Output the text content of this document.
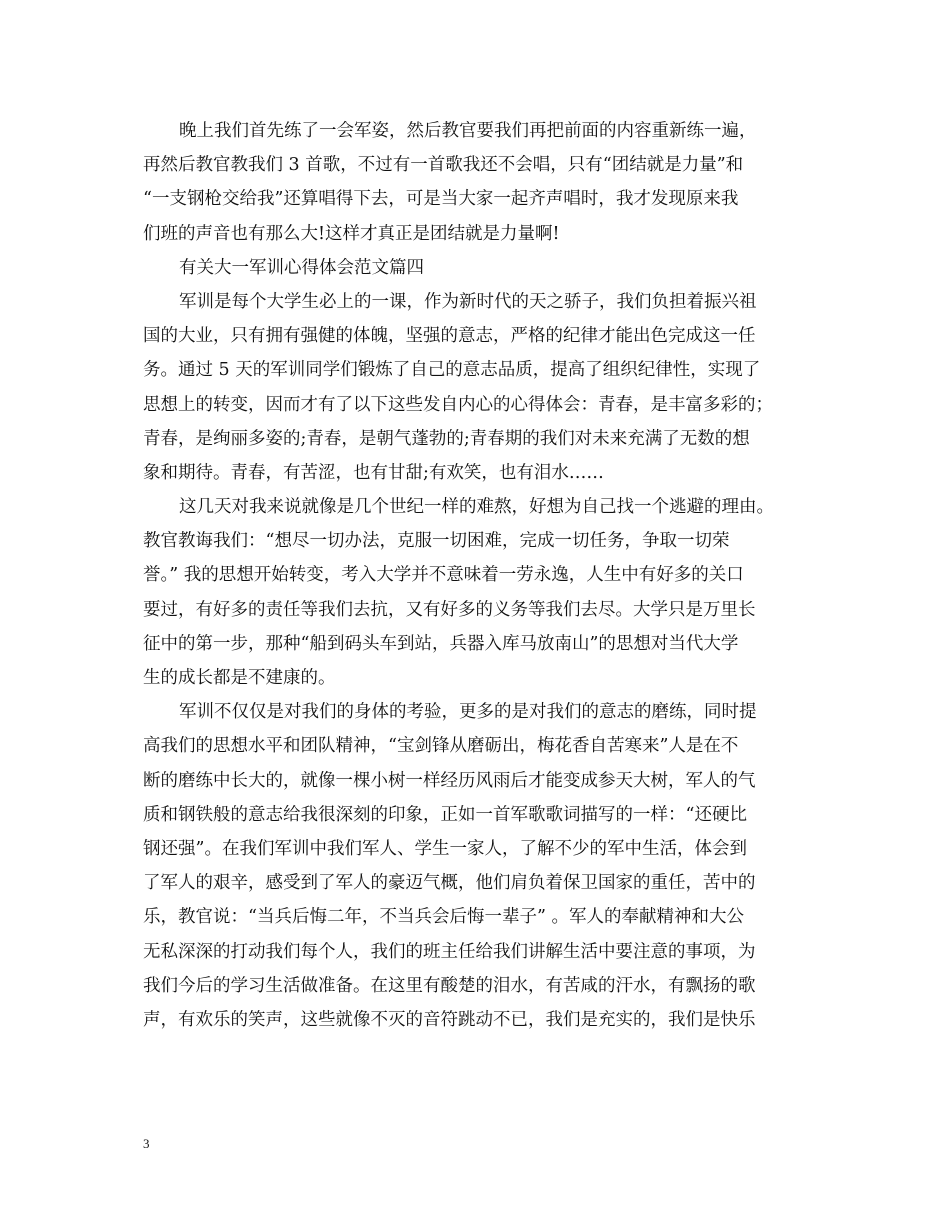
晚上我们首先练了一会军姿，然后教官要我们再把前面的内容重新练一遍，
再然后教官教我们 3 首歌，不过有一首歌我还不会唱，只有“团结就是力量”和
“一支钢枪交给我”还算唱得下去，可是当大家一起齐声唱时，我才发现原来我
们班的声音也有那么大!这样才真正是团结就是力量啊!
有关大一军训心得体会范文篇四
军训是每个大学生必上的一课，作为新时代的天之骄子，我们负担着振兴祖
国的大业，只有拥有强健的体魄，坚强的意志，严格的纪律才能出色完成这一任
务。通过 5 天的军训同学们锻炼了自己的意志品质，提高了组织纪律性，实现了
思想上的转变，因而才有了以下这些发自内心的心得体会：青春，是丰富多彩的；
青春，是绚丽多姿的;青春，是朝气蓬勃的;青春期的我们对未来充满了无数的想
象和期待。青春，有苦涩，也有甘甜;有欢笑，也有泪水……
这几天对我来说就像是几个世纪一样的难熬，好想为自己找一个逃避的理由。
教官教诲我们：“想尽一切办法，克服一切困难，完成一切任务，争取一切荣
誉。” 我的思想开始转变，考入大学并不意味着一劳永逸，人生中有好多的关口
要过，有好多的责任等我们去抗，又有好多的义务等我们去尽。大学只是万里长
征中的第一步，那种“船到码头车到站，兵器入库马放南山”的思想对当代大学
生的成长都是不建康的。
军训不仅仅是对我们的身体的考验，更多的是对我们的意志的磨练，同时提
高我们的思想水平和团队精神，“宝剑锋从磨砺出，梅花香自苦寒来”人是在不
断的磨练中长大的，就像一棵小树一样经历风雨后才能变成参天大树，军人的气
质和钢铁般的意志给我很深刻的印象，正如一首军歌歌词描写的一样：“还硬比
钢还强”。在我们军训中我们军人、学生一家人，了解不少的军中生活，体会到
了军人的艰辛，感受到了军人的豪迈气概，他们肩负着保卫国家的重任，苦中的
乐，教官说：“当兵后悔二年，不当兵会后悔一辈子” 。军人的奉献精神和大公
无私深深的打动我们每个人，我们的班主任给我们讲解生活中要注意的事项，为
我们今后的学习生活做准备。在这里有酸楚的泪水，有苦咸的汗水，有飘扬的歌
声，有欢乐的笑声，这些就像不灭的音符跳动不已，我们是充实的，我们是快乐
3
